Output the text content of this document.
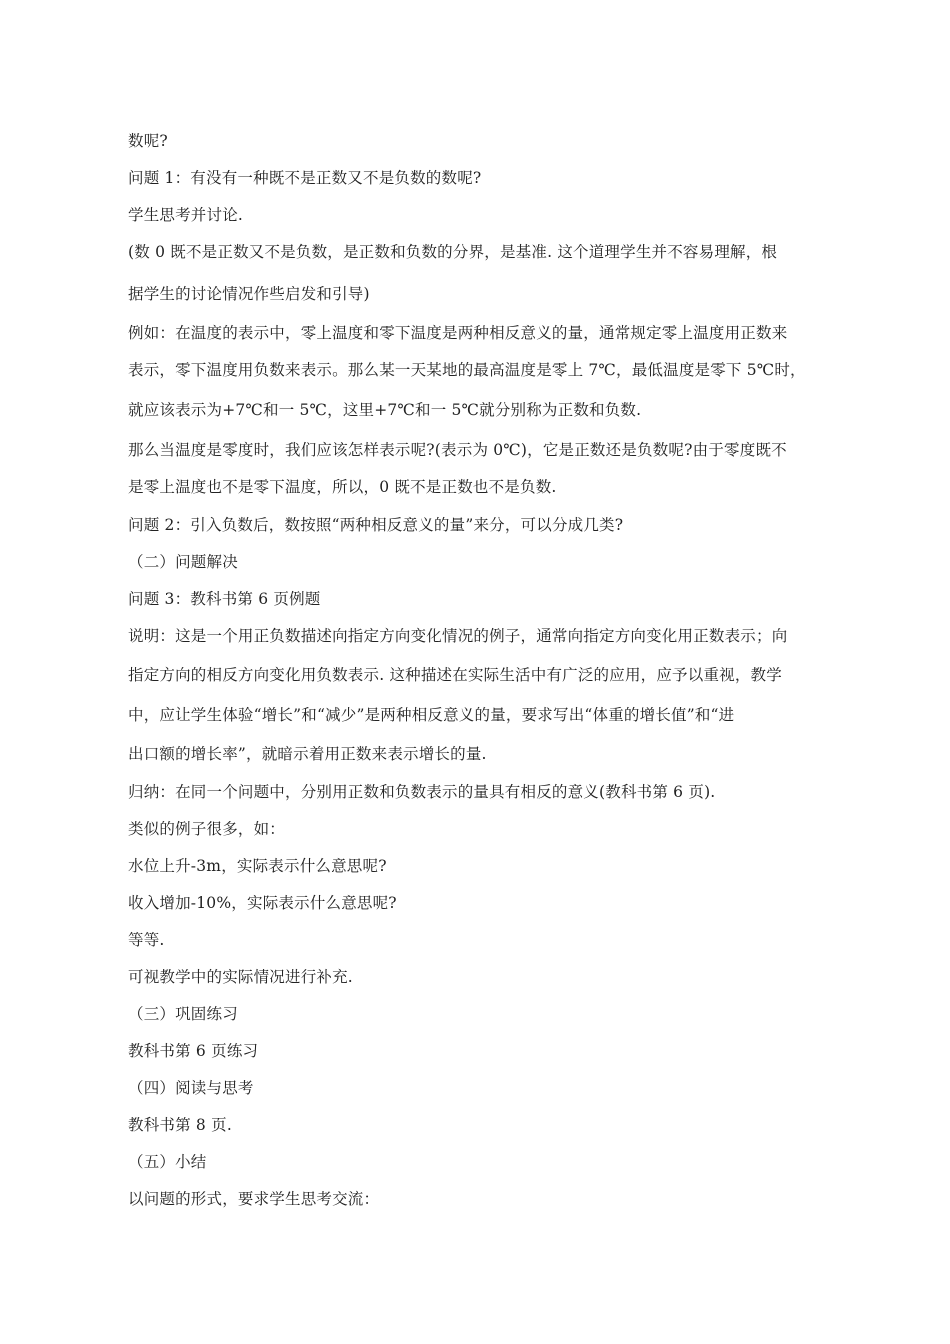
数呢?
问题 1：有没有一种既不是正数又不是负数的数呢?
学生思考并讨论.
(数 0 既不是正数又不是负数，是正数和负数的分界，是基准. 这个道理学生并不容易理解，根
据学生的讨论情况作些启发和引导)
例如：在温度的表示中，零上温度和零下温度是两种相反意义的量，通常规定零上温度用正数来
表示，零下温度用负数来表示。那么某一天某地的最高温度是零上 7℃，最低温度是零下 5℃时，
就应该表示为+7℃和一 5℃，这里+7℃和一 5℃就分别称为正数和负数.
那么当温度是零度时，我们应该怎样表示呢?(表示为 0℃)，它是正数还是负数呢?由于零度既不
是零上温度也不是零下温度，所以，0 既不是正数也不是负数.
问题 2：引入负数后，数按照“两种相反意义的量”来分，可以分成几类?
（二）问题解决
问题 3：教科书第 6 页例题
说明：这是一个用正负数描述向指定方向变化情况的例子，通常向指定方向变化用正数表示；向
指定方向的相反方向变化用负数表示. 这种描述在实际生活中有广泛的应用，应予以重视，教学
中，应让学生体验“增长”和“减少”是两种相反意义的量，要求写出“体重的增长值”和“进
出口额的增长率”，就暗示着用正数来表示增长的量.
归纳：在同一个问题中，分别用正数和负数表示的量具有相反的意义(教科书第 6 页).
类似的例子很多，如：
水位上升-3m，实际表示什么意思呢?
收入增加-10%，实际表示什么意思呢?
等等.
可视教学中的实际情况进行补充.
（三）巩固练习
教科书第 6 页练习
（四）阅读与思考
教科书第 8 页.
（五）小结
以问题的形式，要求学生思考交流：
